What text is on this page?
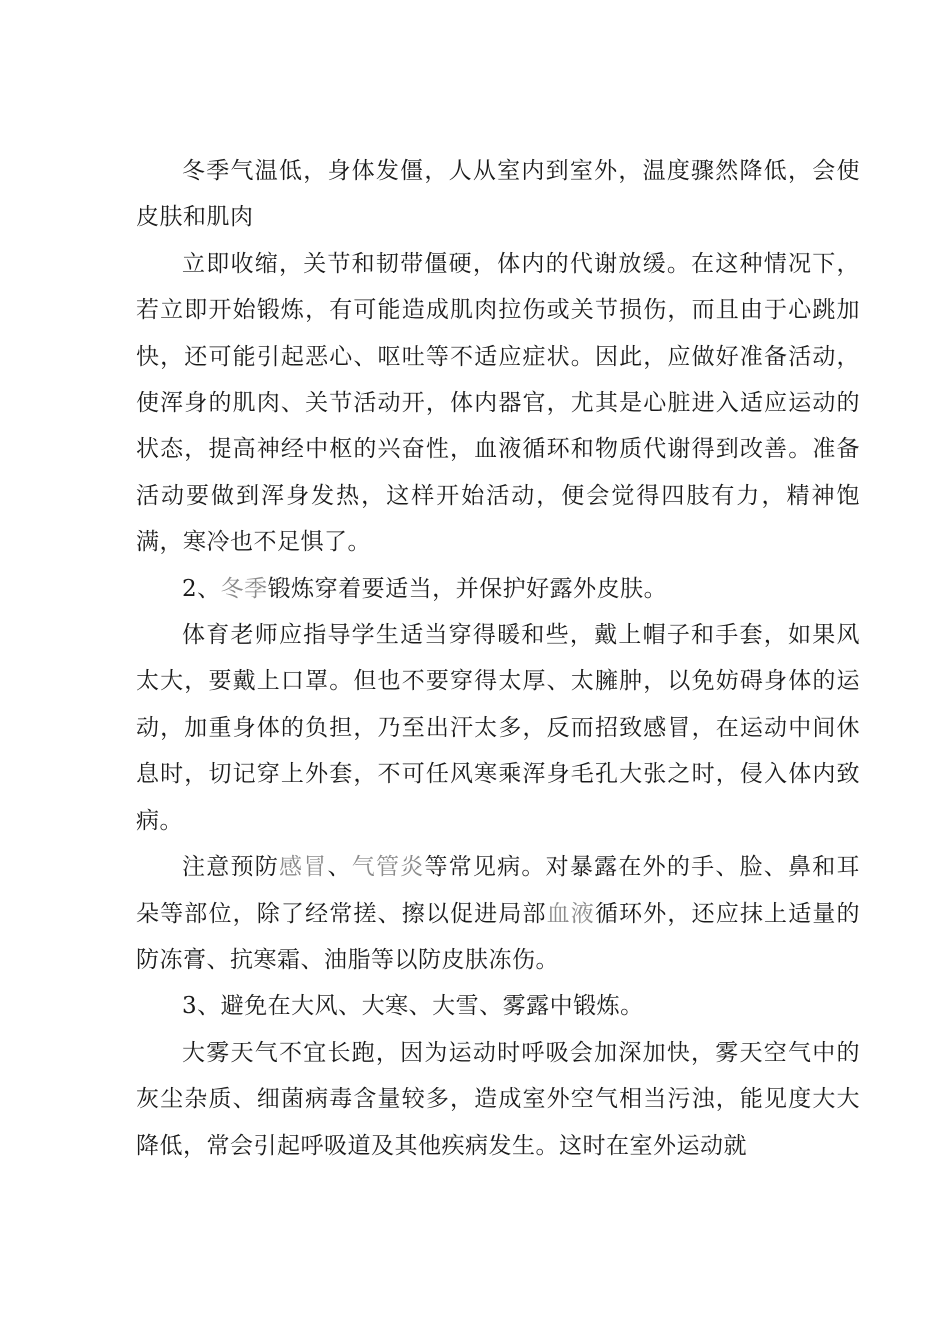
冬季气温低，身体发僵，人从室内到室外，温度骤然降低，会使皮肤和肌肉

立即收缩，关节和韧带僵硬，体内的代谢放缓。在这种情况下，若立即开始锻炼，有可能造成肌肉拉伤或关节损伤，而且由于心跳加快，还可能引起恶心、呕吐等不适应症状。因此，应做好准备活动，使浑身的肌肉、关节活动开，体内器官，尤其是心脏进入适应运动的状态，提高神经中枢的兴奋性，血液循环和物质代谢得到改善。准备活动要做到浑身发热，这样开始活动，便会觉得四肢有力，精神饱满，寒冷也不足惧了。

2、冬季锻炼穿着要适当，并保护好露外皮肤。

体育老师应指导学生适当穿得暖和些，戴上帽子和手套，如果风太大，要戴上口罩。但也不要穿得太厚、太臃肿，以免妨碍身体的运动，加重身体的负担，乃至出汗太多，反而招致感冒，在运动中间休息时，切记穿上外套，不可任风寒乘浑身毛孔大张之时，侵入体内致病。

注意预防感冒、气管炎等常见病。对暴露在外的手、脸、鼻和耳朵等部位，除了经常搓、擦以促进局部血液循环外，还应抹上适量的防冻膏、抗寒霜、油脂等以防皮肤冻伤。

3、避免在大风、大寒、大雪、雾露中锻炼。

大雾天气不宜长跑，因为运动时呼吸会加深加快，雾天空气中的灰尘杂质、细菌病毒含量较多，造成室外空气相当污浊，能见度大大降低，常会引起呼吸道及其他疾病发生。这时在室外运动就
